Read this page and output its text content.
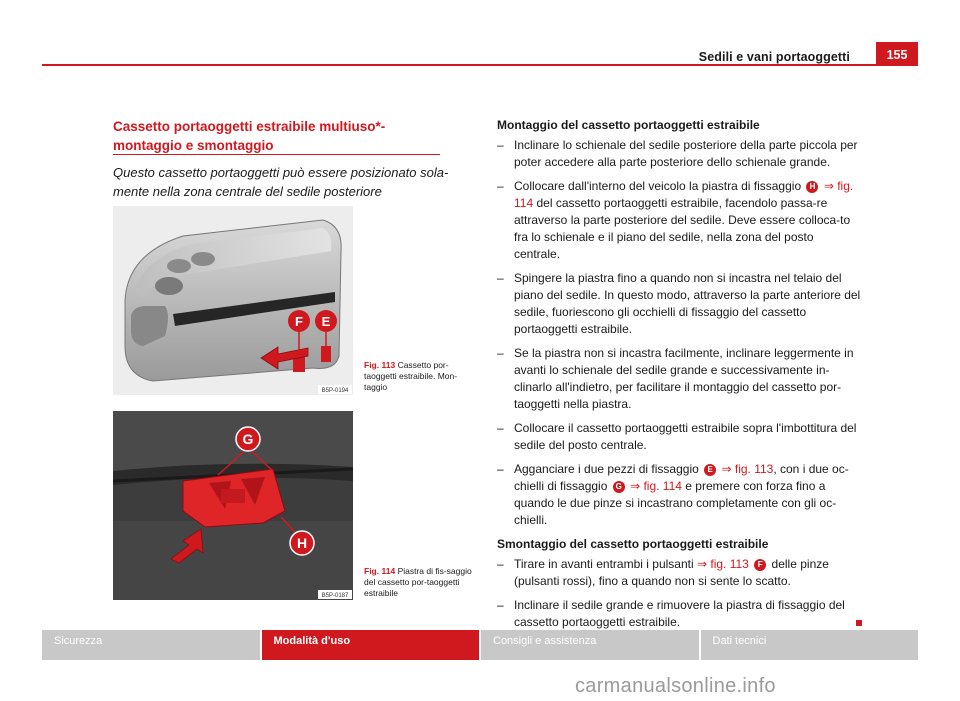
Sedili e vani portaoggetti	155
Cassetto portaoggetti estraibile multiuso*- montaggio e smontaggio
Questo cassetto portaoggetti può essere posizionato sola-mente nella zona centrale del sedile posteriore
F E
B5P-0194
Fig. 113 Cassetto por-taoggetti estraibile. Mon-taggio
G
H
B5P-0187
Fig. 114 Piastra di fis-saggio del cassetto por-taoggetti estraibile
Montaggio del cassetto portaoggetti estraibile
– Inclinare lo schienale del sedile posteriore della parte piccola per poter accedere alla parte posteriore dello schienale grande.
– Collocare dall'interno del veicolo la piastra di fissaggio H ⇒ fig. 114 del cassetto portaoggetti estraibile, facendolo passa-re attraverso la parte posteriore del sedile. Deve essere colloca-to fra lo schienale e il piano del sedile, nella zona del posto centrale.
– Spingere la piastra fino a quando non si incastra nel telaio del piano del sedile. In questo modo, attraverso la parte anteriore del sedile, fuoriescono gli occhielli di fissaggio del cassetto portaoggetti estraibile.
– Se la piastra non si incastra facilmente, inclinare leggermente in avanti lo schienale del sedile grande e successivamente in-clinarlo all'indietro, per facilitare il montaggio del cassetto por-taoggetti nella piastra.
– Collocare il cassetto portaoggetti estraibile sopra l'imbottitura del sedile del posto centrale.
– Agganciare i due pezzi di fissaggio E ⇒ fig. 113, con i due oc-chielli di fissaggio G ⇒ fig. 114 e premere con forza fino a quando le due pinze si incastrano completamente con gli oc-chielli.
Smontaggio del cassetto portaoggetti estraibile
– Tirare in avanti entrambi i pulsanti ⇒ fig. 113 F delle pinze (pulsanti rossi), fino a quando non si sente lo scatto.
– Inclinare il sedile grande e rimuovere la piastra di fissaggio del cassetto portaoggetti estraibile.
Sicurezza	Modalità d'uso	Consigli e assistenza	Dati tecnici
carmanualsonline.info
